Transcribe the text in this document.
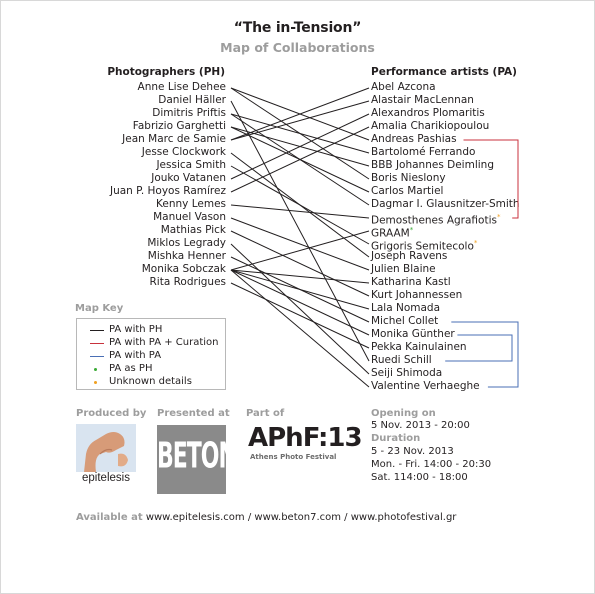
“The in-Tension”
Map of Collaborations
Photographers (PH)	Performance artists (PA)
Anne Lise Dehee
Daniel Häller
Dimitris Priftis
Fabrizio Garghetti
Jean Marc de Samie
Jesse Clockwork
Jessica Smith
Jouko Vatanen
Juan P. Hoyos Ramírez
Kenny Lemes
Manuel Vason
Mathias Pick
Miklos Legrady
Mishka Henner
Monika Sobczak
Rita Rodrigues
Abel Azcona
Alastair MacLennan
Alexandros Plomaritis
Amalia Charikiopoulou
Andreas Pashias
Bartolomé Ferrando
BBB Johannes Deimling
Boris Nieslony
Carlos Martiel
Dagmar I. Glausnitzer-Smith
Demosthenes Agrafiotis*
GRAAM*
Grigoris Semitecolo*
Joseph Ravens
Julien Blaine
Katharina Kastl
Kurt Johannessen
Lala Nomada
Michel Collet
Monika Günther
Pekka Kainulainen
Ruedi Schill
Seiji Shimoda
Valentine Verhaeghe
Map Key
PA with PH
PA with PA + Curation
PA with PA
PA as PH
Unknown details
Produced by
epitelesis
Presented at
BETON
Part of
APhF:13
Athens Photo Festival
Opening on
5 Nov. 2013 - 20:00
Duration
5 - 23 Nov. 2013
Mon. - Fri. 14:00 - 20:30
Sat. 114:00 - 18:00
Available at www.epitelesis.com / www.beton7.com / www.photofestival.gr
